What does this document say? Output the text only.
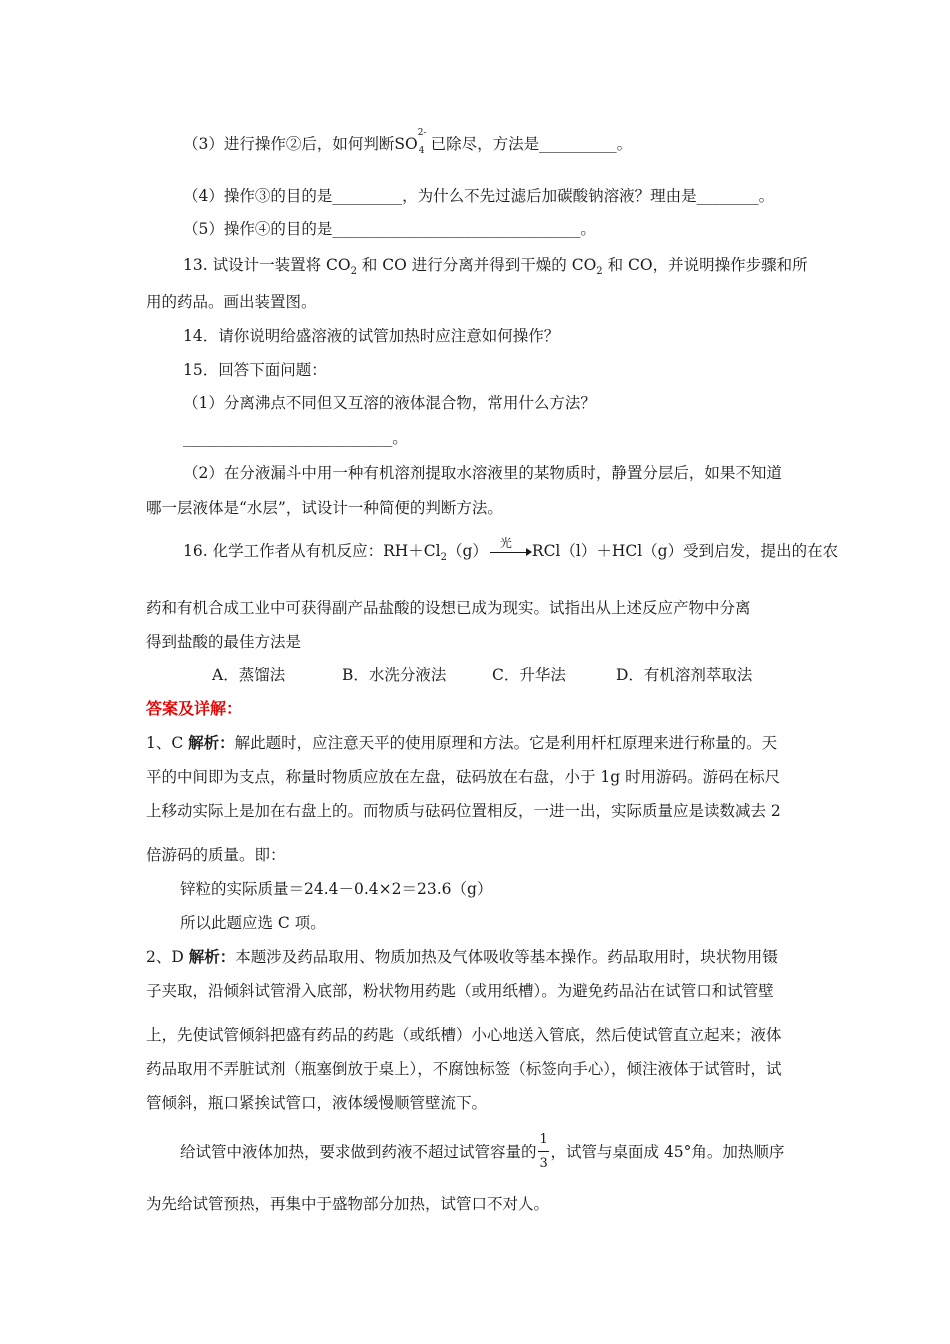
（3）进行操作②后，如何判断SO
2-
4 已除尽，方法是__________。
（4）操作③的目的是_________，为什么不先过滤后加碳酸钠溶液？理由是________。
（5）操作④的目的是________________________________。
13. 试设计一装置将 $CO_2$ 和 CO 进行分离并得到干燥的 $CO_2$ 和 CO，并说明操作步骤和所
用的药品。画出装置图。
14．请你说明给盛溶液的试管加热时应注意如何操作？
15．回答下面问题：
（1）分离沸点不同但又互溶的液体混合物，常用什么方法？
___________________________。
（2）在分液漏斗中用一种有机溶剂提取水溶液里的某物质时，静置分层后，如果不知道
哪一层液体是“水层”，试设计一种简便的判断方法。
16. 化学工作者从有机反应：$RH+Cl_2(g)$ 光 RCl（l）＋HCl（g）受到启发，提出的在农
药和有机合成工业中可获得副产品盐酸的设想已成为现实。试指出从上述反应产物中分离
得到盐酸的最佳方法是
A．蒸馏法	B．水洗分液法	C．升华法	D．有机溶剂萃取法
答案及详解：
1、C 解析：解此题时，应注意天平的使用原理和方法。它是利用杆杠原理来进行称量的。天
平的中间即为支点，称量时物质应放在左盘，砝码放在右盘，小于 1g 时用游码。游码在标尺
上移动实际上是加在右盘上的。而物质与砝码位置相反，一进一出，实际质量应是读数减去 2
倍游码的质量。即：
锌粒的实际质量＝24.4－0.4×2＝23.6（g）
所以此题应选 C 项。
2、D 解析：本题涉及药品取用、物质加热及气体吸收等基本操作。药品取用时，块状物用镊
子夹取，沿倾斜试管滑入底部，粉状物用药匙（或用纸槽）。为避免药品沾在试管口和试管壁
上，先使试管倾斜把盛有药品的药匙（或纸槽）小心地送入管底，然后使试管直立起来；液体
药品取用不弄脏试剂（瓶塞倒放于桌上），不腐蚀标签（标签向手心），倾注液体于试管时，试
管倾斜，瓶口紧挨试管口，液体缓慢顺管壁流下。
给试管中液体加热，要求做到药液不超过试管容量的 $\frac{1}{3}$ ，试管与桌面成 45°角。加热顺序
为先给试管预热，再集中于盛物部分加热，试管口不对人。
